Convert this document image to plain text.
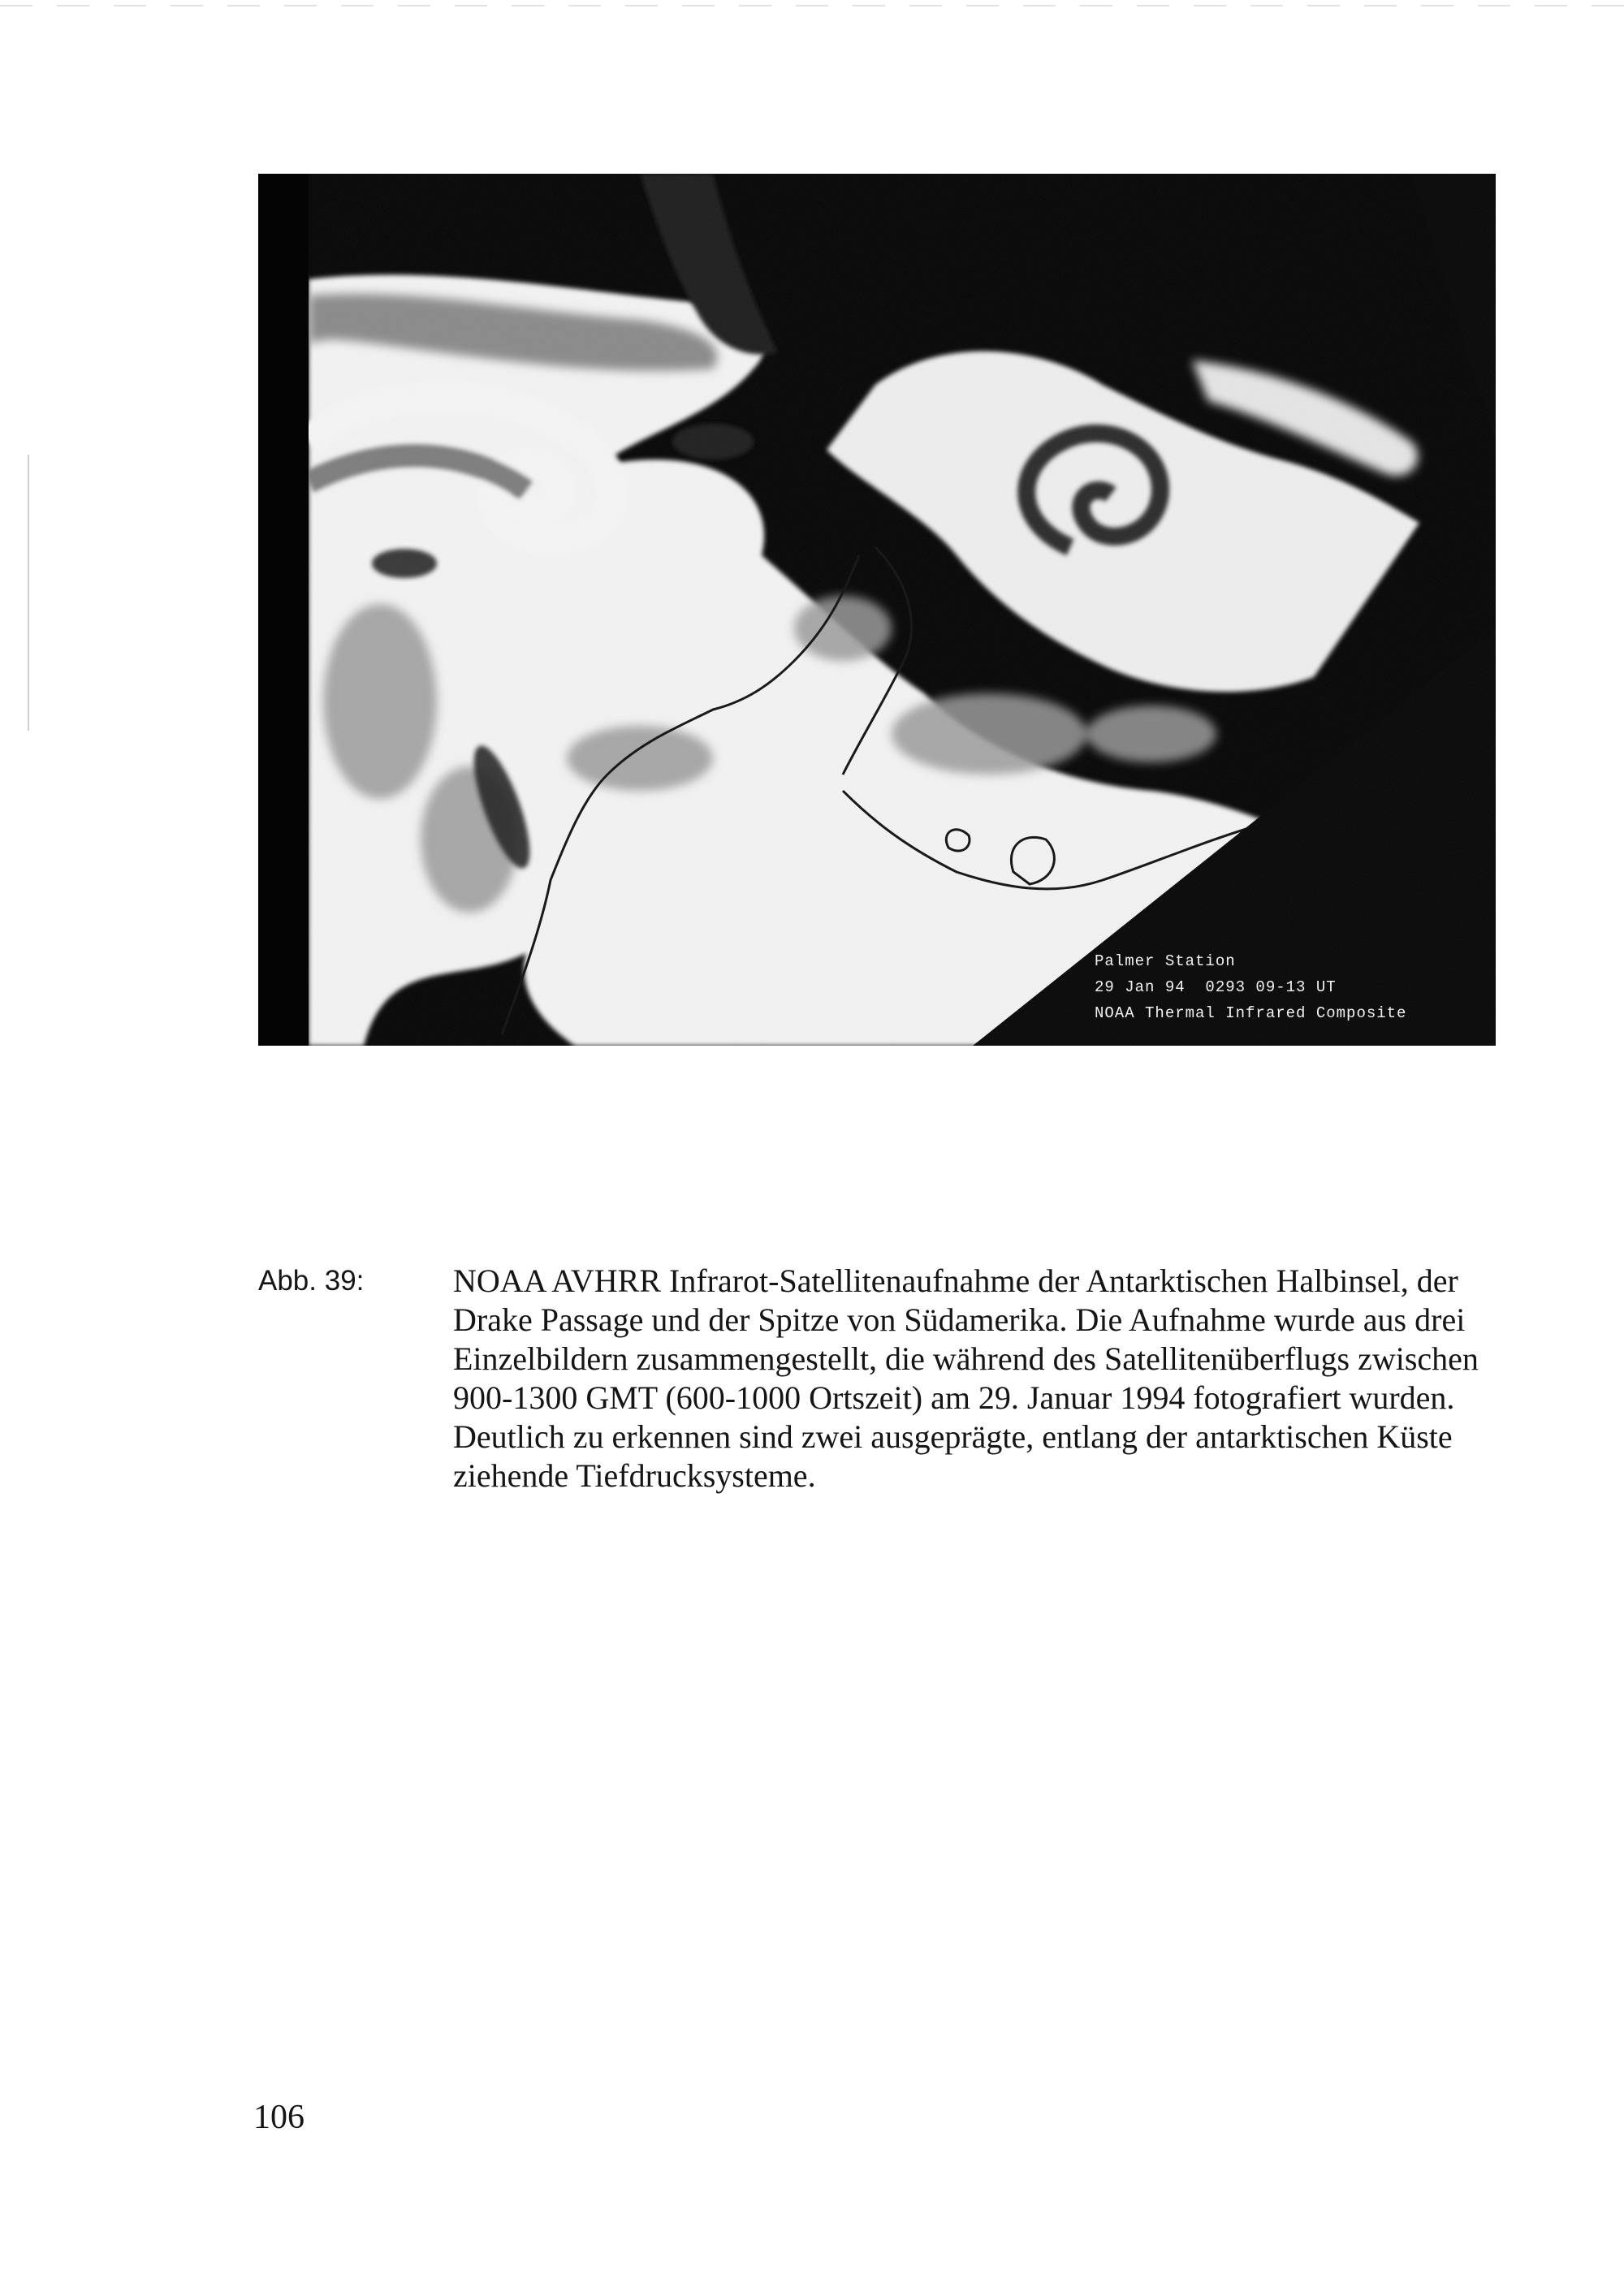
Palmer Station
29 Jan 94  0293 09-13 UT
NOAA Thermal Infrared Composite
Abb. 39:	NOAA AVHRR Infrarot-Satellitenaufnahme der Antarktischen Halbinsel, der
Drake Passage und der Spitze von Südamerika. Die Aufnahme wurde aus drei
Einzelbildern zusammengestellt, die während des Satellitenüberflugs zwischen
900-1300 GMT (600-1000 Ortszeit) am 29. Januar 1994 fotografiert wurden.
Deutlich zu erkennen sind zwei ausgeprägte, entlang der antarktischen Küste
ziehende Tiefdrucksysteme.
106
